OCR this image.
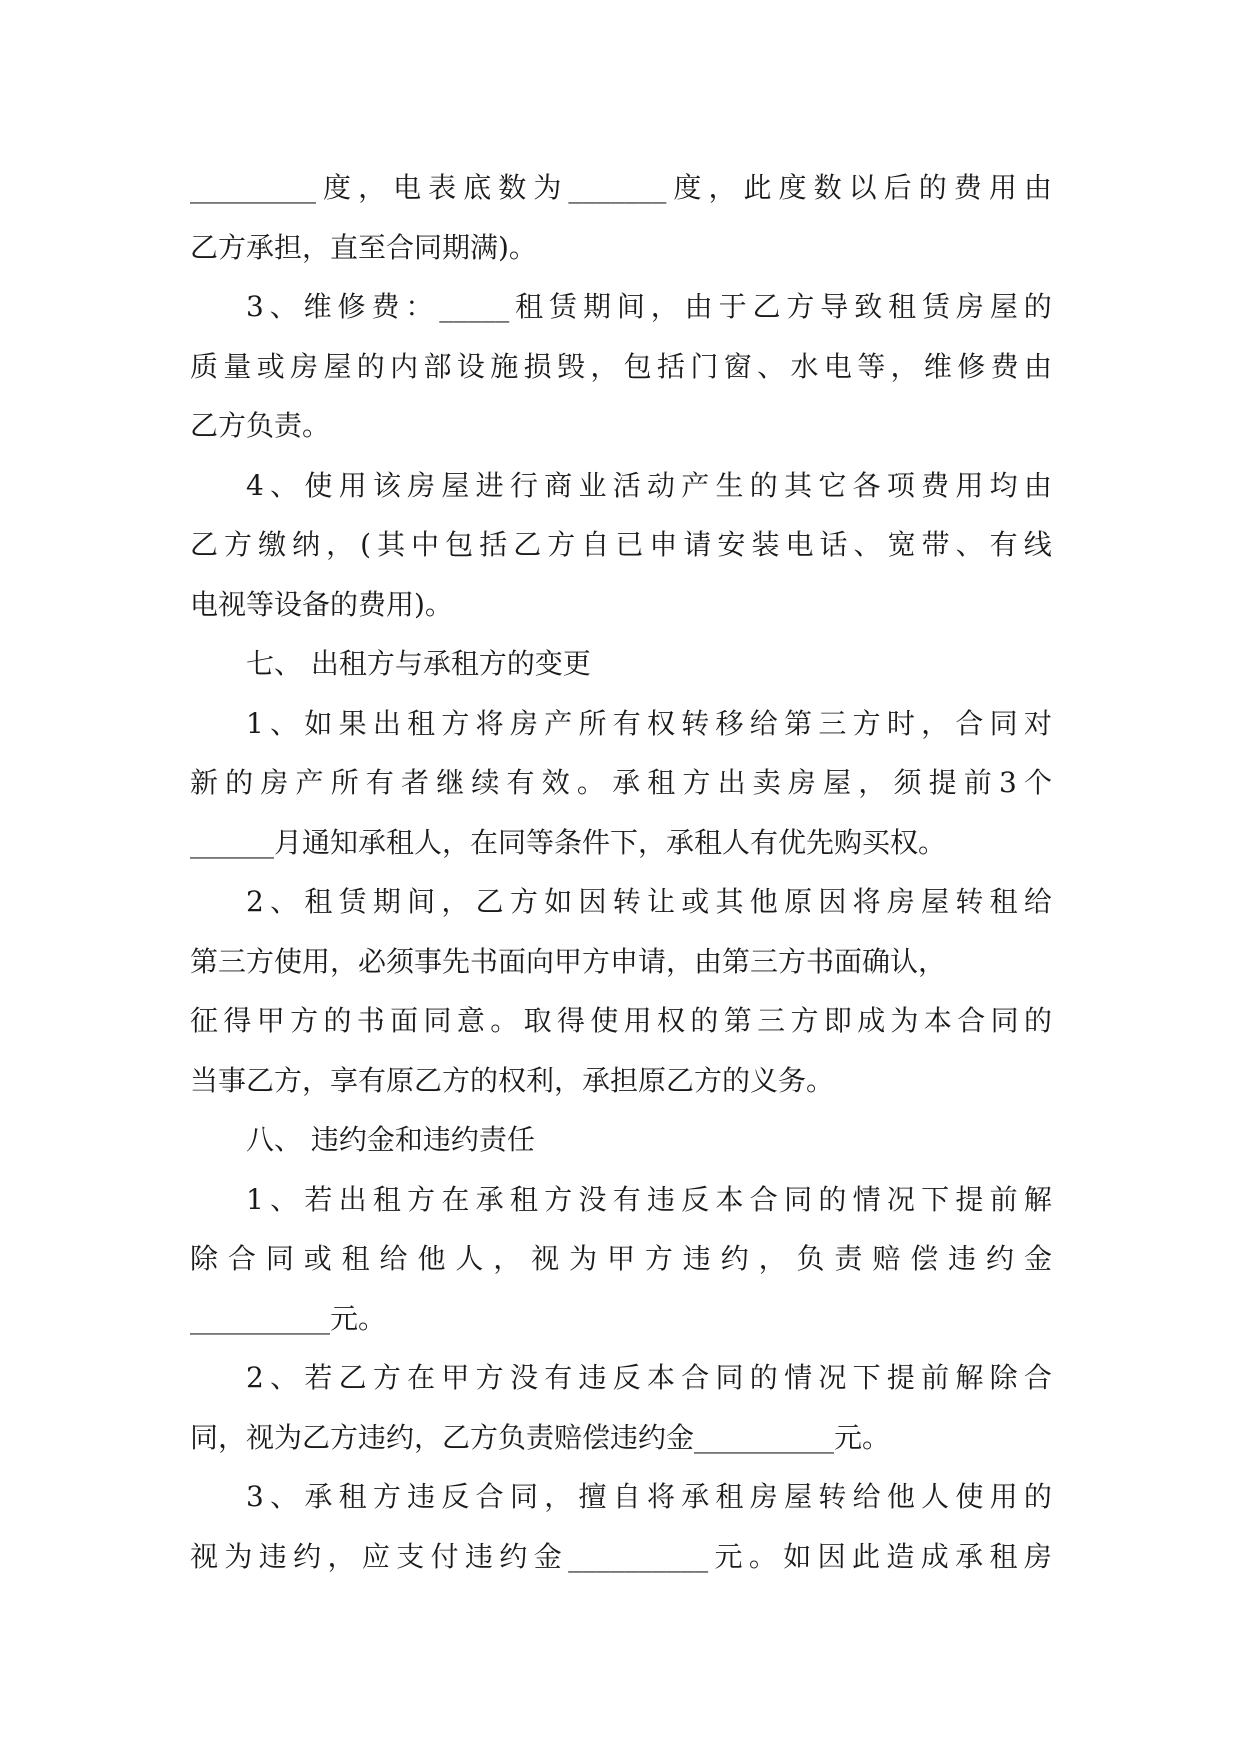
_________ 度 ， 电 表 底 数 为 _______ 度 ， 此 度 数 以 后 的 费 用 由
乙方承担，直至合同期满)。
3 、 维 修 费 ： _____ 租 赁 期 间 ， 由 于 乙 方 导 致 租 赁 房 屋 的
质 量 或 房 屋 的 内 部 设 施 损 毁 ， 包 括 门 窗 、 水 电 等 ， 维 修 费 由
乙方负责。
4 、 使 用 该 房 屋 进 行 商 业 活 动 产 生 的 其 它 各 项 费 用 均 由
乙 方 缴 纳 ， ( 其 中 包 括 乙 方 自 已 申 请 安 装 电 话 、 宽 带 、 有 线
电视等设备的费用)。
七、 出租方与承租方的变更
1 、 如 果 出 租 方 将 房 产 所 有 权 转 移 给 第 三 方 时 ， 合 同 对
新 的 房 产 所 有 者 继 续 有 效 。 承 租 方 出 卖 房 屋 ， 须 提 前 3 个
______月通知承租人，在同等条件下，承租人有优先购买权。
2 、 租 赁 期 间 ， 乙 方 如 因 转 让 或 其 他 原 因 将 房 屋 转 租 给
第三方使用，必须事先书面向甲方申请，由第三方书面确认，
征 得 甲 方 的 书 面 同 意 。 取 得 使 用 权 的 第 三 方 即 成 为 本 合 同 的
当事乙方，享有原乙方的权利，承担原乙方的义务。
八、 违约金和违约责任
1 、 若 出 租 方 在 承 租 方 没 有 违 反 本 合 同 的 情 况 下 提 前 解
除 合 同 或 租 给 他 人 ， 视 为 甲 方 违 约 ， 负 责 赔 偿 违 约 金
__________元。
2 、 若 乙 方 在 甲 方 没 有 违 反 本 合 同 的 情 况 下 提 前 解 除 合
同，视为乙方违约，乙方负责赔偿违约金__________元。
3 、 承 租 方 违 反 合 同 ， 擅 自 将 承 租 房 屋 转 给 他 人 使 用 的
视 为 违 约 ， 应 支 付 违 约 金 __________ 元 。 如 因 此 造 成 承 租 房
